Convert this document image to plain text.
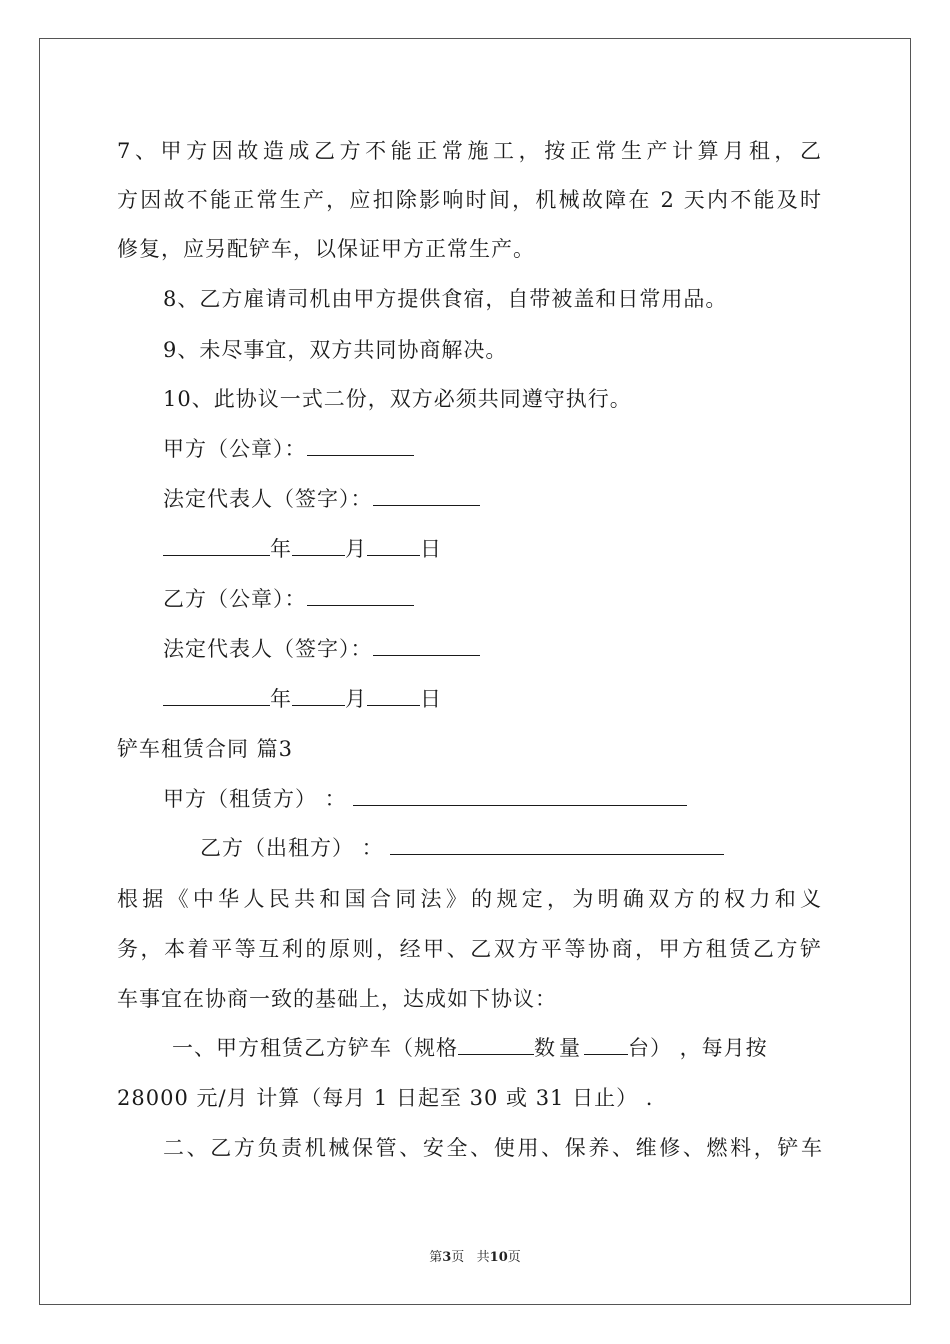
7、甲方因故造成乙方不能正常施工，按正常生产计算月租，乙
方因故不能正常生产，应扣除影响时间，机械故障在 2 天内不能及时
修复，应另配铲车，以保证甲方正常生产。
8、乙方雇请司机由甲方提供食宿，自带被盖和日常用品。
9、未尽事宜，双方共同协商解决。
10、此协议一式二份，双方必须共同遵守执行。
甲方（公章）：
法定代表人（签字）：
年	月	日
乙方（公章）：
法定代表人（签字）：
年	月	日
铲车租赁合同 篇3
甲方（租赁方） ：
乙方（出租方） ：
根据《中华人民共和国合同法》的规定，为明确双方的权力和义
务，本着平等互利的原则，经甲、乙双方平等协商，甲方租赁乙方铲
车事宜在协商一致的基础上，达成如下协议：
一、甲方租赁乙方铲车（规格	数量 台） ，每月按
28000 元/月 计算（每月 1 日起至 30 或 31 日止） .
二、乙方负责机械保管、安全、使用、保养、维修、燃料，铲车
第3页   共10页
